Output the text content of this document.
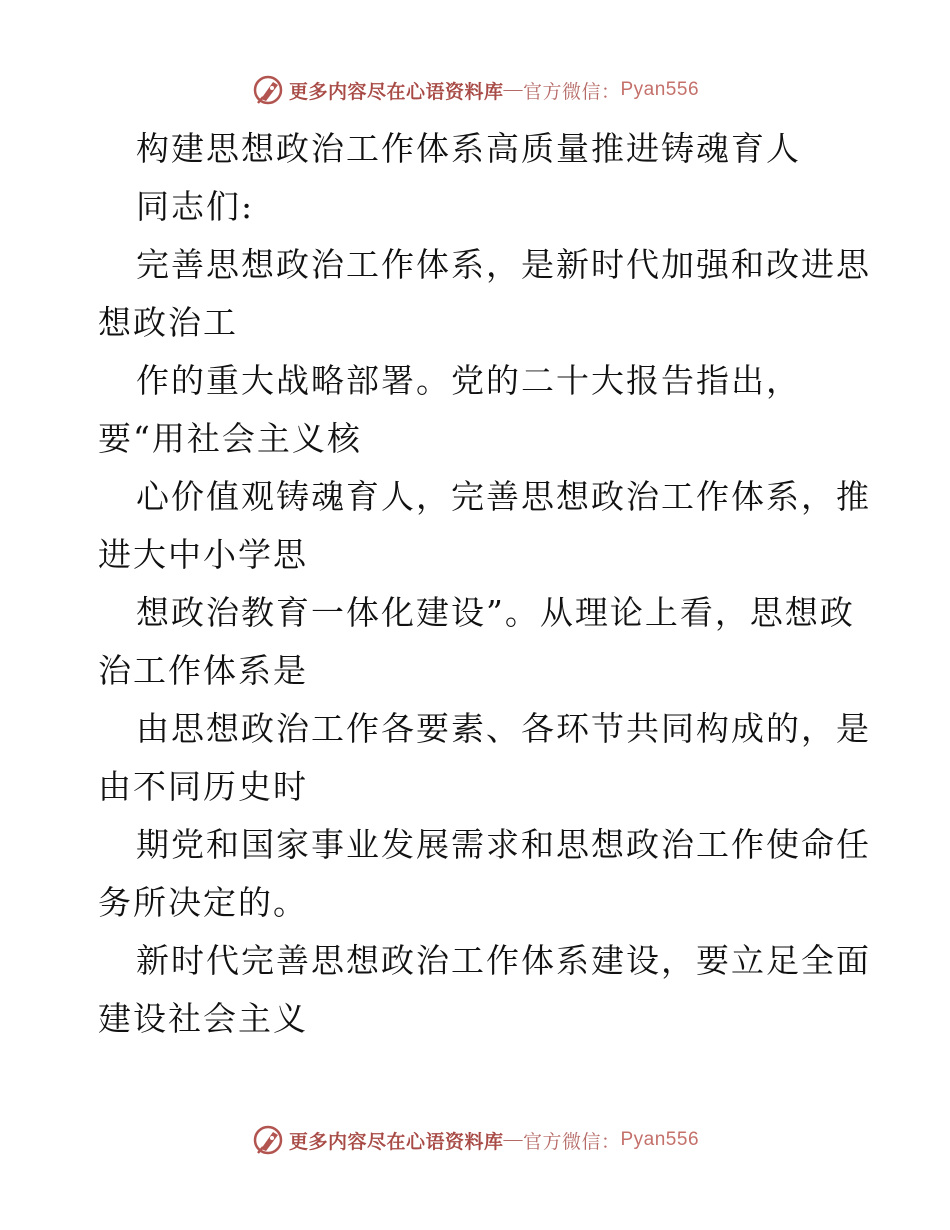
更多内容尽在心语资料库 — 官方微信： Pyan556
构建思想政治工作体系高质量推进铸魂育人
同志们:
完善思想政治工作体系，是新时代加强和改进思
想政治工
作的重大战略部署。党的二十大报告指出，
要“用社会主义核
心价值观铸魂育人，完善思想政治工作体系，推
进大中小学思
想政治教育一体化建设”。从理论上看，思想政
治工作体系是
由思想政治工作各要素、各环节共同构成的，是
由不同历史时
期党和国家事业发展需求和思想政治工作使命任
务所决定的。
新时代完善思想政治工作体系建设，要立足全面
建设社会主义
更多内容尽在心语资料库 — 官方微信： Pyan556
